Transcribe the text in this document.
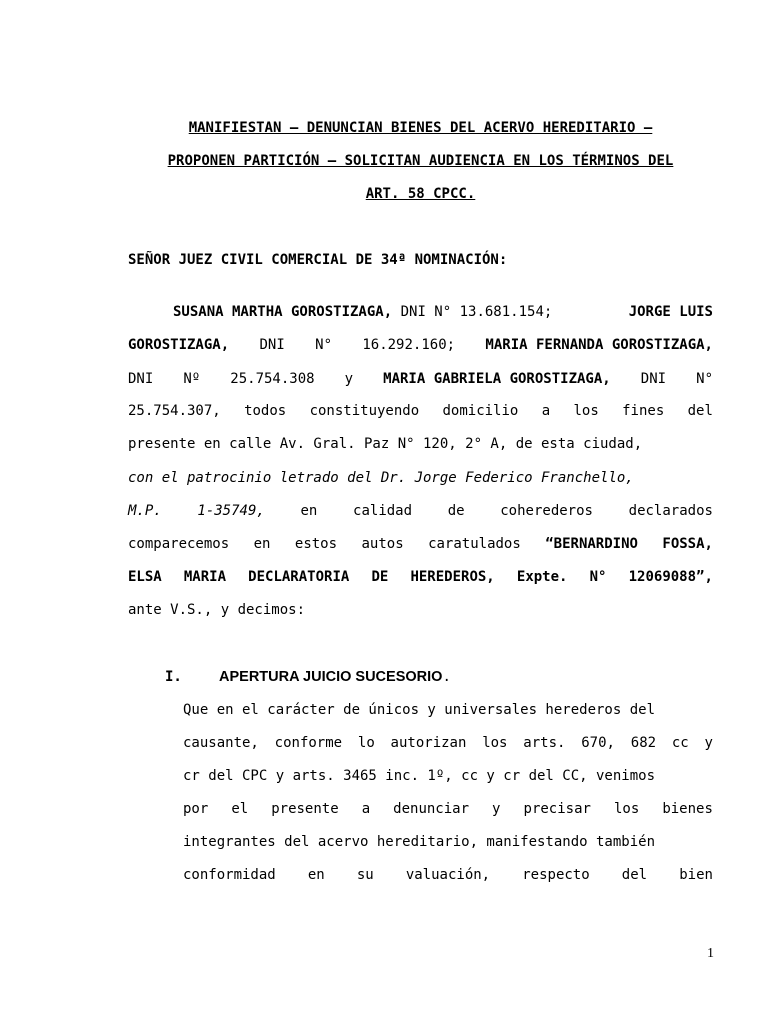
MANIFIESTAN – DENUNCIAN BIENES DEL ACERVO HEREDITARIO –
PROPONEN PARTICIÓN – SOLICITAN AUDIENCIA EN LOS TÉRMINOS DEL
ART. 58 CPCC.
SEÑOR JUEZ CIVIL COMERCIAL DE 34ª NOMINACIÓN:
SUSANA MARTHA GOROSTIZAGA, DNI N° 13.681.154;	JORGE LUIS
GOROSTIZAGA, DNI N° 16.292.160; MARIA FERNANDA GOROSTIZAGA,
DNI Nº 25.754.308 y MARIA GABRIELA GOROSTIZAGA, DNI N°
25.754.307, todos constituyendo domicilio a los fines del
presente en calle Av. Gral. Paz N° 120, 2° A, de esta ciudad,
con el patrocinio letrado del Dr. Jorge Federico Franchello,
M.P.	1-35749,	en	calidad	de	coherederos	declarados
comparecemos en estos autos caratulados “BERNARDINO FOSSA,
ELSA MARIA DECLARATORIA DE HEREDEROS, Expte. N° 12069088”,
ante V.S., y decimos:
I.	APERTURA JUICIO SUCESORIO.
Que en el carácter de únicos y universales herederos del
causante, conforme lo autorizan los arts. 670, 682 cc y
cr del CPC y arts. 3465 inc. 1º, cc y cr del CC, venimos
por el presente a denunciar y precisar los bienes
integrantes del acervo hereditario, manifestando también
conformidad en su valuación, respecto del bien
1
